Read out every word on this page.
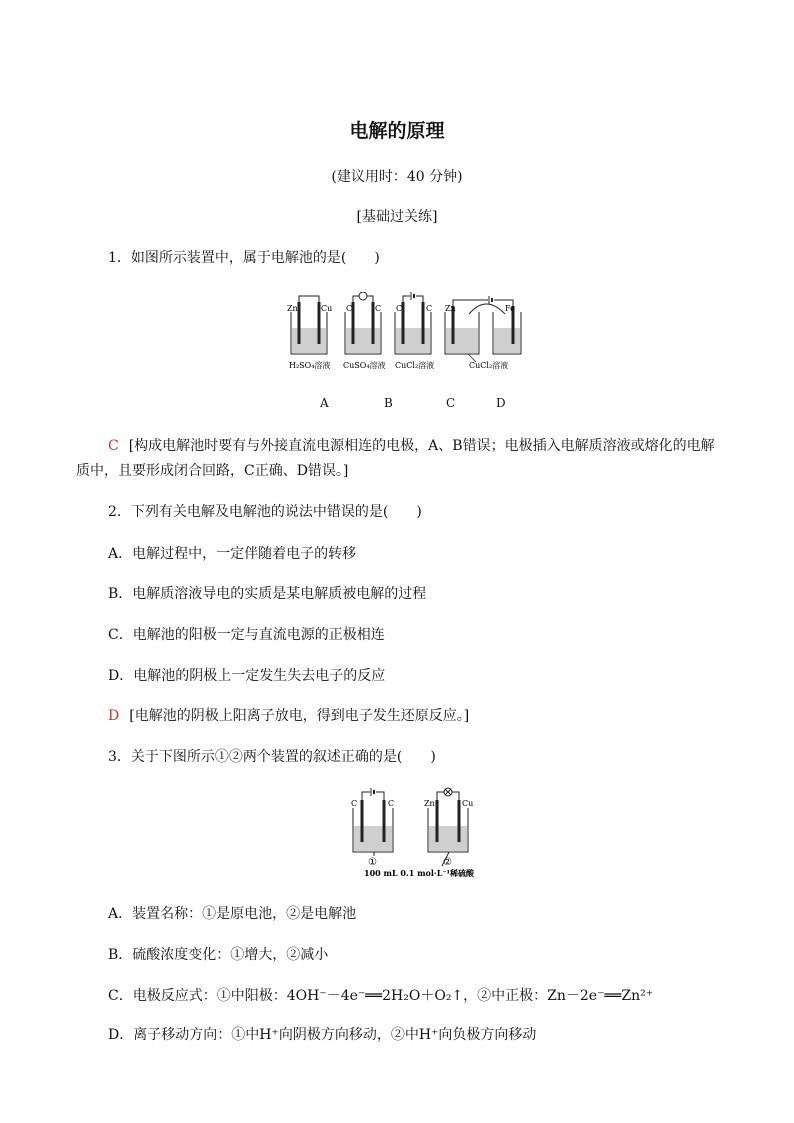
电解的原理
(建议用时：40 分钟)
[基础过关练]
1．如图所示装置中，属于电解池的是(　　)
Zn	Cu C	C C	C Zn	Fe
H₂SO₄溶液 CuSO₄溶液 CuCl₂溶液	CuCl₂溶液
A	B	C	D
C [构成电解池时要有与外接直流电源相连的电极，A、B错误；电极插入电解质溶液或熔化的电解
质中，且要形成闭合回路，C正确、D错误。]
2．下列有关电解及电解池的说法中错误的是(　　)
A．电解过程中，一定伴随着电子的转移
B．电解质溶液导电的实质是某电解质被电解的过程
C．电解池的阳极一定与直流电源的正极相连
D．电解池的阴极上一定发生失去电子的反应
D [电解池的阴极上阳离子放电，得到电子发生还原反应。]
3．关于下图所示①②两个装置的叙述正确的是(　　)
C	C	Zn	Cu
①	②
100 mL 0.1 mol·L⁻¹稀硫酸
A．装置名称：①是原电池，②是电解池
B．硫酸浓度变化：①增大，②减小
C．电极反应式：①中阳极：4OH⁻－4e⁻══2H₂O＋O₂↑，②中正极：Zn－2e⁻══Zn²⁺
D．离子移动方向：①中H⁺向阴极方向移动，②中H⁺向负极方向移动
